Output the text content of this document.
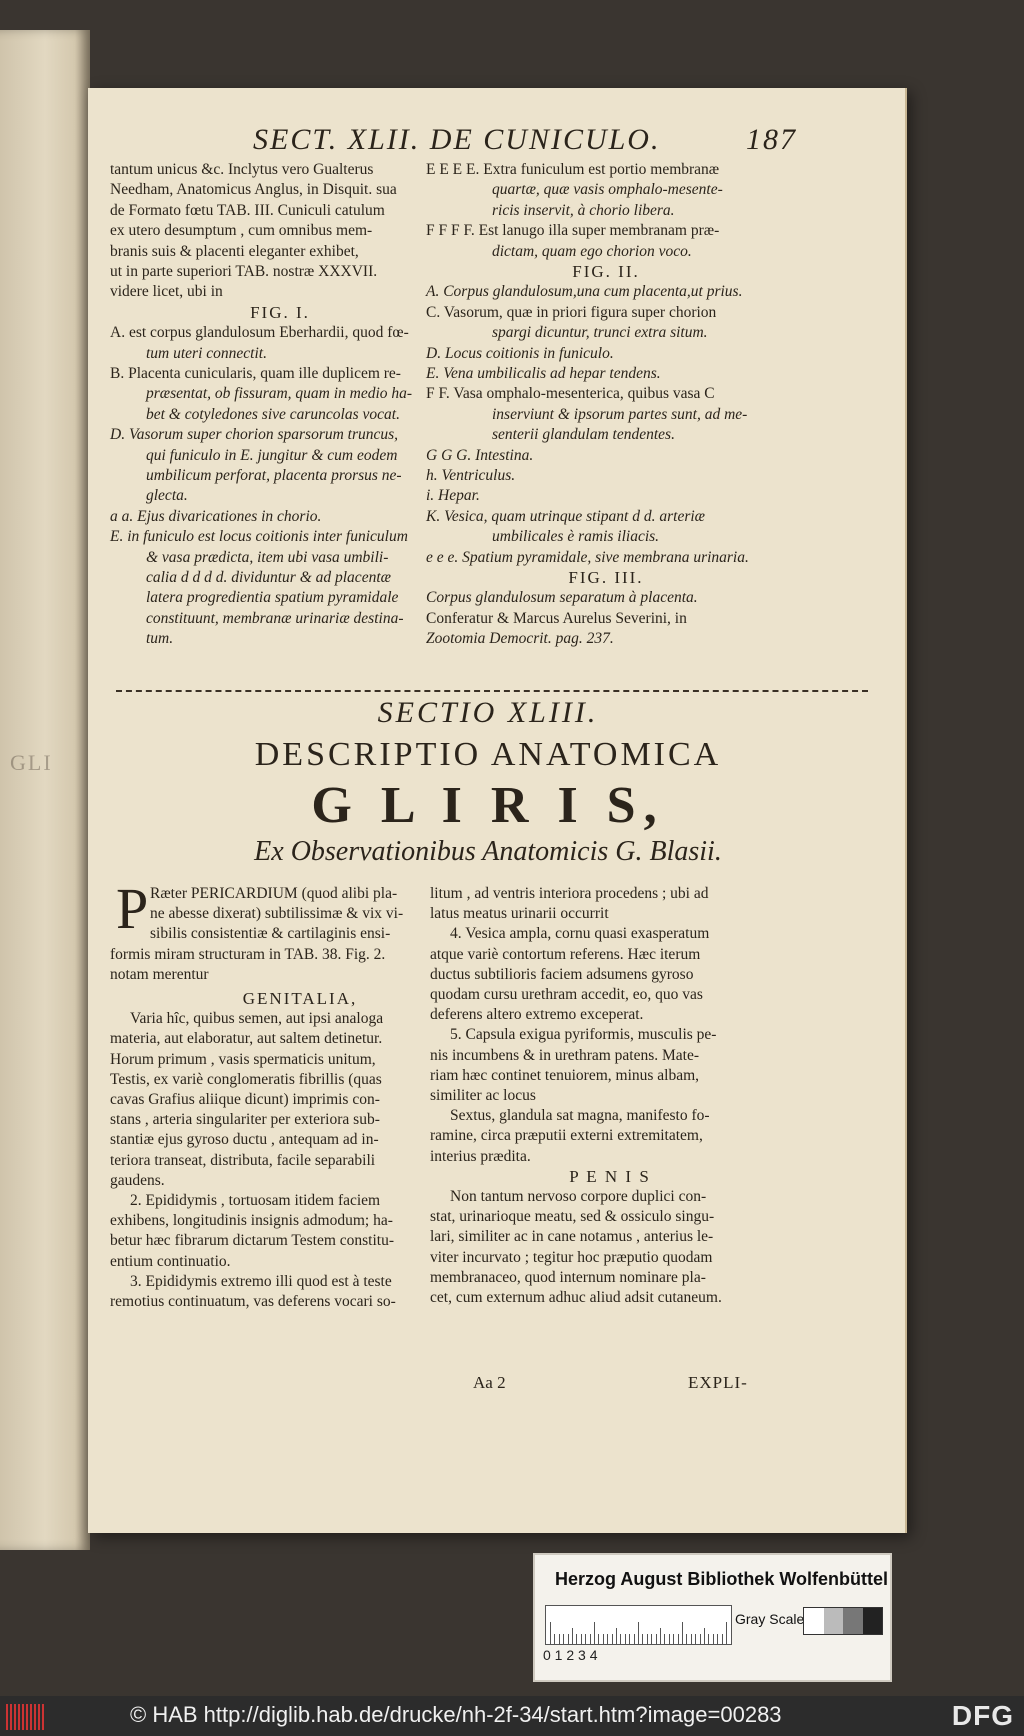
GLI
SECT. XLII. DE CUNICULO.	187
tantum unicus &c. Inclytus vero Gualterus
Needham, Anatomicus Anglus, in Disquit. sua
de Formato fœtu TAB. III. Cuniculi catulum
ex utero desumptum , cum omnibus mem-
branis suis & placenti eleganter exhibet,
ut in parte superiori TAB. nostræ XXXVII.
videre licet, ubi in
FIG. I.
A. est corpus glandulosum Eberhardii, quod fœ-
tum uteri connectit.
B. Placenta cunicularis, quam ille duplicem re-
præsentat, ob fissuram, quam in medio ha-
bet & cotyledones sive caruncolas vocat.
D. Vasorum super chorion sparsorum truncus,
qui funiculo in E. jungitur & cum eodem
umbilicum perforat, placenta prorsus ne-
glecta.
a a. Ejus divaricationes in chorio.
E. in funiculo est locus coitionis inter funiculum
& vasa prædicta, item ubi vasa umbili-
calia d d d d. dividuntur & ad placentæ
latera progredientia spatium pyramidale
constituunt, membranæ urinariæ destina-
tum.
E E E E. Extra funiculum est portio membranæ
quartæ, quæ vasis omphalo-mesente-
ricis inservit, à chorio libera.
F F F F. Est lanugo illa super membranam præ-
dictam, quam ego chorion voco.
FIG. II.
A. Corpus glandulosum,una cum placenta,ut prius.
C. Vasorum, quæ in priori figura super chorion
spargi dicuntur, trunci extra situm.
D. Locus coitionis in funiculo.
E. Vena umbilicalis ad hepar tendens.
F F. Vasa omphalo-mesenterica, quibus vasa C
inserviunt & ipsorum partes sunt, ad me-
senterii glandulam tendentes.
G G G. Intestina.
h. Ventriculus.
i. Hepar.
K. Vesica, quam utrinque stipant d d. arteriæ
umbilicales è ramis iliacis.
e e e. Spatium pyramidale, sive membrana urinaria.
FIG. III.
Corpus glandulosum separatum à placenta.
Conferatur & Marcus Aurelus Severini, in
Zootomia Democrit. pag. 237.
SECTIO XLIII.
DESCRIPTIO ANATOMICA
G L I R I S,
Ex Observationibus Anatomicis G. Blasii.
P Ræter PERICARDIUM (quod alibi pla-
ne abesse dixerat) subtilissimæ & vix vi-
sibilis consistentiæ & cartilaginis ensi-
formis miram structuram in TAB. 38. Fig. 2.
notam merentur
GENITALIA,
Varia hîc, quibus semen, aut ipsi analoga
materia, aut elaboratur, aut saltem detinetur.
Horum primum , vasis spermaticis unitum,
Testis, ex variè conglomeratis fibrillis (quas
cavas Grafius aliique dicunt) imprimis con-
stans , arteria singulariter per exteriora sub-
stantiæ ejus gyroso ductu , antequam ad in-
teriora transeat, distributa, facile separabili
gaudens.
2. Epididymis , tortuosam itidem faciem
exhibens, longitudinis insignis admodum; ha-
betur hæc fibrarum dictarum Testem constitu-
entium continuatio.
3. Epididymis extremo illi quod est à teste
remotius continuatum, vas deferens vocari so-
litum , ad ventris interiora procedens ; ubi ad
latus meatus urinarii occurrit
4. Vesica ampla, cornu quasi exasperatum
atque variè contortum referens. Hæc iterum
ductus subtilioris faciem adsumens gyroso
quodam cursu urethram accedit, eo, quo vas
deferens altero extremo exceperat.
5. Capsula exigua pyriformis, musculis pe-
nis incumbens & in urethram patens. Mate-
riam hæc continet tenuiorem, minus albam,
similiter ac locus
Sextus, glandula sat magna, manifesto fo-
ramine, circa præputii externi extremitatem,
interius prædita.
P E N I S
Non tantum nervoso corpore duplici con-
stat, urinarioque meatu, sed & ossiculo singu-
lari, similiter ac in cane notamus , anterius le-
viter incurvato ; tegitur hoc præputio quodam
membranaceo, quod internum nominare pla-
cet, cum externum adhuc aliud adsit cutaneum.
Aa 2	EXPLI-
Herzog August Bibliothek Wolfenbüttel
0 1 2 3 4
Gray Scale
© HAB http://diglib.hab.de/drucke/nh-2f-34/start.htm?image=00283	DFG
